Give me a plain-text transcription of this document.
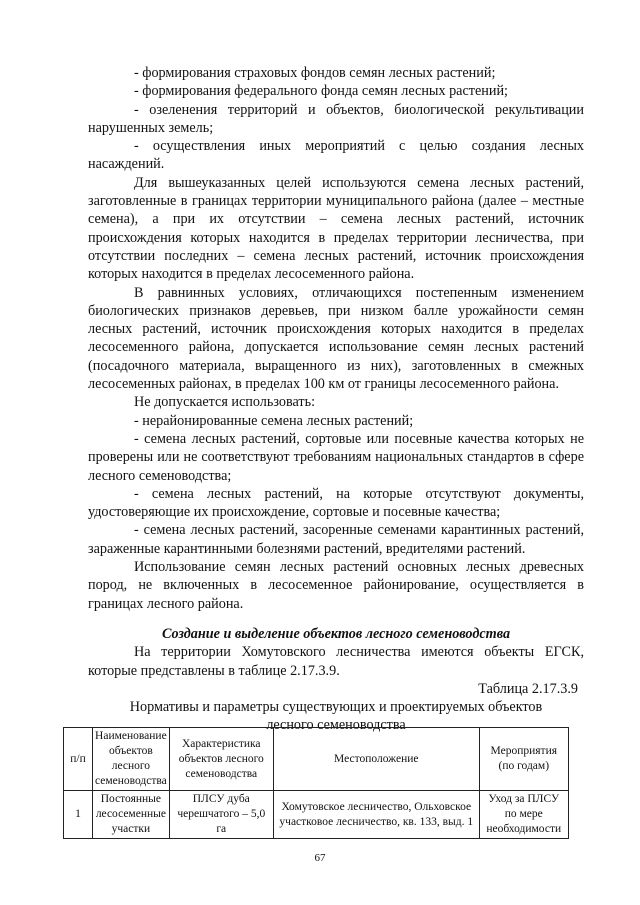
- формирования страховых фондов семян лесных растений;

- формирования федерального фонда семян лесных растений;

- озеленения территорий и объектов, биологической рекультивации нарушенных земель;

- осуществления иных мероприятий с целью создания лесных насаждений.

Для вышеуказанных целей используются семена лесных растений, заготовленные в границах территории муниципального района (далее – местные семена), а при их отсутствии – семена лесных растений, источник происхождения которых находится в пределах территории лесничества, при отсутствии последних – семена лесных растений, источник происхождения которых находится в пределах лесосеменного района.

В равнинных условиях, отличающихся постепенным изменением биологических признаков деревьев, при низком балле урожайности семян лесных растений, источник происхождения которых находится в пределах лесосеменного района, допускается использование семян лесных растений (посадочного материала, выращенного из них), заготовленных в смежных лесосеменных районах, в пределах 100 км от границы лесосеменного района.

Не допускается использовать:

- нерайонированные семена лесных растений;

- семена лесных растений, сортовые или посевные качества которых не проверены или не соответствуют требованиям национальных стандартов в сфере лесного семеноводства;

- семена лесных растений, на которые отсутствуют документы, удостоверяющие их происхождение, сортовые и посевные качества;

- семена лесных растений, засоренные семенами карантинных растений, зараженные карантинными болезнями растений, вредителями растений.

Использование семян лесных растений основных лесных древесных пород, не включенных в лесосеменное районирование, осуществляется в границах лесного района.

Создание и выделение объектов лесного семеноводства

На территории Хомутовского лесничества имеются объекты ЕГСК, которые представлены в таблице 2.17.3.9.

Таблица 2.17.3.9

Нормативы и параметры существующих и проектируемых объектов
лесного семеноводства

п/п	Наименование объектов лесного семеноводства	Характеристика объектов лесного семеноводства	Местоположение	Мероприятия (по годам)
1	Постоянные лесосеменные участки	ПЛСУ дуба черешчатого – 5,0 га	Хомутовское лесничество, Ольховское участковое лесничество, кв. 133, выд. 1	Уход за ПЛСУ по мере необходимости
67
